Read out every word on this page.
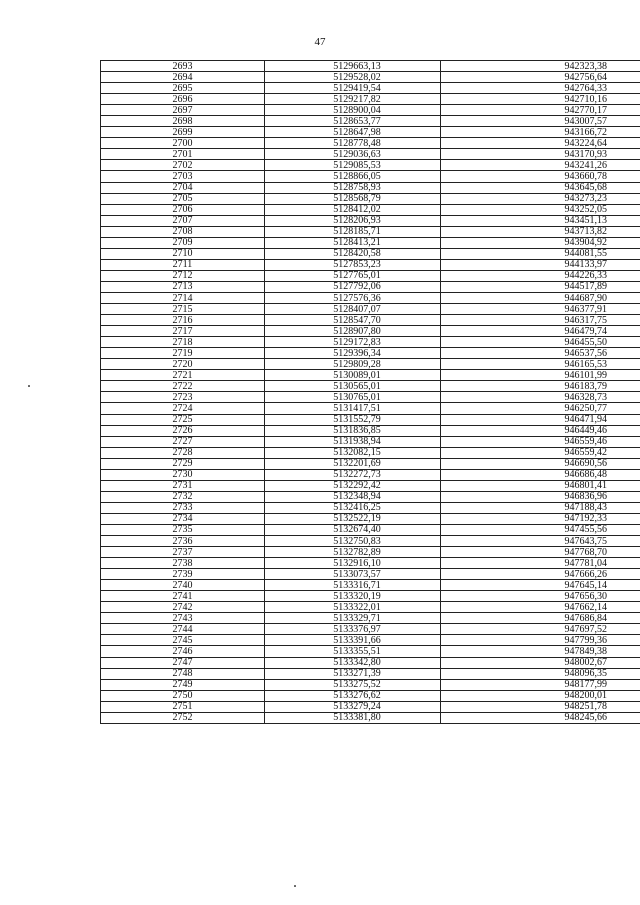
47
2693	5129663,13	942323,38
2694	5129528,02	942756,64
2695	5129419,54	942764,33
2696	5129217,82	942710,16
2697	5128900,04	942770,17
2698	5128653,77	943007,57
2699	5128647,98	943166,72
2700	5128778,48	943224,64
2701	5129036,63	943170,93
2702	5129085,53	943241,26
2703	5128866,05	943660,78
2704	5128758,93	943645,68
2705	5128568,79	943273,23
2706	5128412,02	943252,05
2707	5128206,93	943451,13
2708	5128185,71	943713,82
2709	5128413,21	943904,92
2710	5128420,58	944081,55
2711	5127853,23	944133,97
2712	5127765,01	944226,33
2713	5127792,06	944517,89
2714	5127576,36	944687,90
2715	5128407,07	946377,91
2716	5128547,70	946317,75
2717	5128907,80	946479,74
2718	5129172,83	946455,50
2719	5129396,34	946537,56
2720	5129809,28	946165,53
2721	5130089,01	946101,99
2722	5130565,01	946183,79
2723	5130765,01	946328,73
2724	5131417,51	946250,77
2725	5131552,79	946471,94
2726	5131836,85	946449,46
2727	5131938,94	946559,46
2728	5132082,15	946559,42
2729	5132201,69	946690,56
2730	5132272,73	946686,48
2731	5132292,42	946801,41
2732	5132348,94	946836,96
2733	5132416,25	947188,43
2734	5132522,19	947192,33
2735	5132674,40	947455,56
2736	5132750,83	947643,75
2737	5132782,89	947768,70
2738	5132916,10	947781,04
2739	5133073,57	947666,26
2740	5133316,71	947645,14
2741	5133320,19	947656,30
2742	5133322,01	947662,14
2743	5133329,71	947686,84
2744	5133376,97	947697,52
2745	5133391,66	947799,36
2746	5133355,51	947849,38
2747	5133342,80	948002,67
2748	5133271,39	948096,35
2749	5133275,52	948177,99
2750	5133276,62	948200,01
2751	5133279,24	948251,78
2752	5133381,80	948245,66
